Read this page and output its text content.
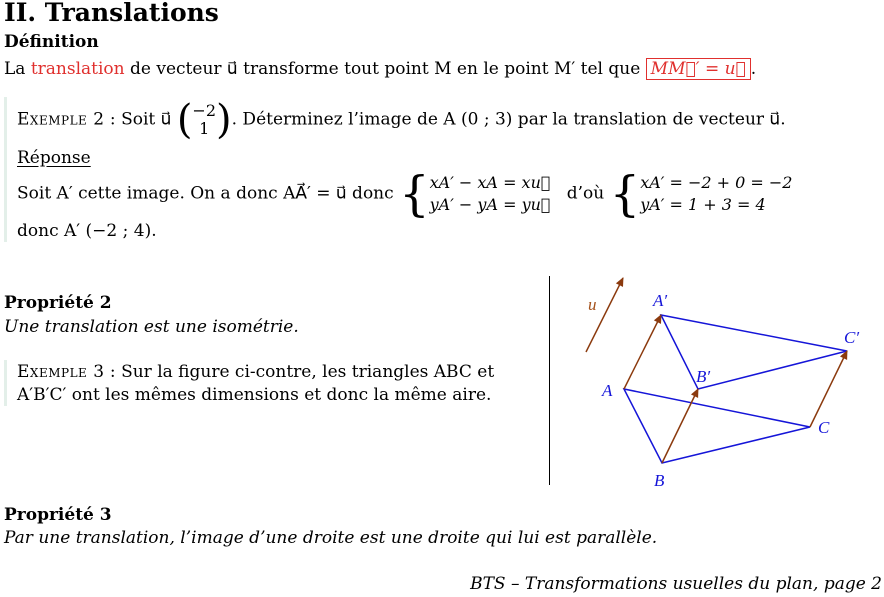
II. Translations
Définition
La translation de vecteur u⃗ transforme tout point M en le point M′ tel que MM⃗′ = u⃗ .
Exemple 2 : Soit u⃗ (−2
1 ). Déterminez l’image de A (0 ; 3) par la translation de vecteur u⃗.
Réponse
Soit A′ cette image. On a donc AA⃗′ = u⃗ donc {xA′ − xA = xu⃗
yA′ − yA = yu⃗   d’où {xA′ = −2 + 0 = −2
yA′ = 1 + 3 = 4
donc A′ (−2 ; 4).
Propriété 2
Une translation est une isométrie.
Exemple 3 : Sur la figure ci-contre, les triangles ABC et
A′B′C′ ont les mêmes dimensions et donc la même aire.
u⃗
A
B
C
A′
B′
C′
Propriété 3
Par une translation, l’image d’une droite est une droite qui lui est parallèle.
BTS – Transformations usuelles du plan, page 2
